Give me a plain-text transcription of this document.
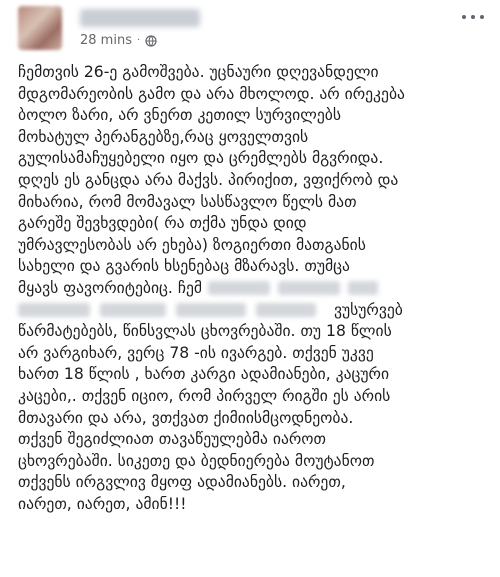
28 mins ·
ჩემთვის 26-ე გამოშვება. უცნაური დღევანდელი
მდგომარეობის გამო და არა მხოლოდ. არ ირეკება
ბოლო ზარი, არ ვნერთ კეთილ სურვილებს
მოხატულ პერანგებზე,რაც ყოველთვის
გულისამაჩუყებელი იყო და ცრემლებს მგვრიდა.
დღეს ეს განცდა არა მაქვს. პირიქით, ვფიქრობ და
მიხარია, რომ მომავალ სასწავლო წელს მათ
გარეშე შევხვდები( რა თქმა უნდა დიდ
უმრავლესობას არ ეხება) ზოგიერთი მათგანის
სახელი და გვარის ხსენებაც მზარავს. თუმცა
მყავს ფავორიტებიც. ჩემ
ვუსურვებ
წარმატებებს, წინსვლას ცხოვრებაში. თუ 18 წლის
არ ვარგიხარ, ვერც 78 -ის ივარგებ. თქვენ უკვე
ხართ 18 წლის , ხართ კარგი ადამიანები, კაცური
კაცები,. თქვენ იციო, რომ პირველ რიგში ეს არის
მთავარი და არა, ვთქვათ ქიმიისმცოდნეობა.
თქვენ შეგიძლიათ თავაწეულებმა იაროთ
ცხოვრებაში. სიკეთე და ბედნიერება მოუტანოთ
თქვენს ირგვლივ მყოფ ადამიანებს. იარეთ,
იარეთ, იარეთ, ამინ!!!
